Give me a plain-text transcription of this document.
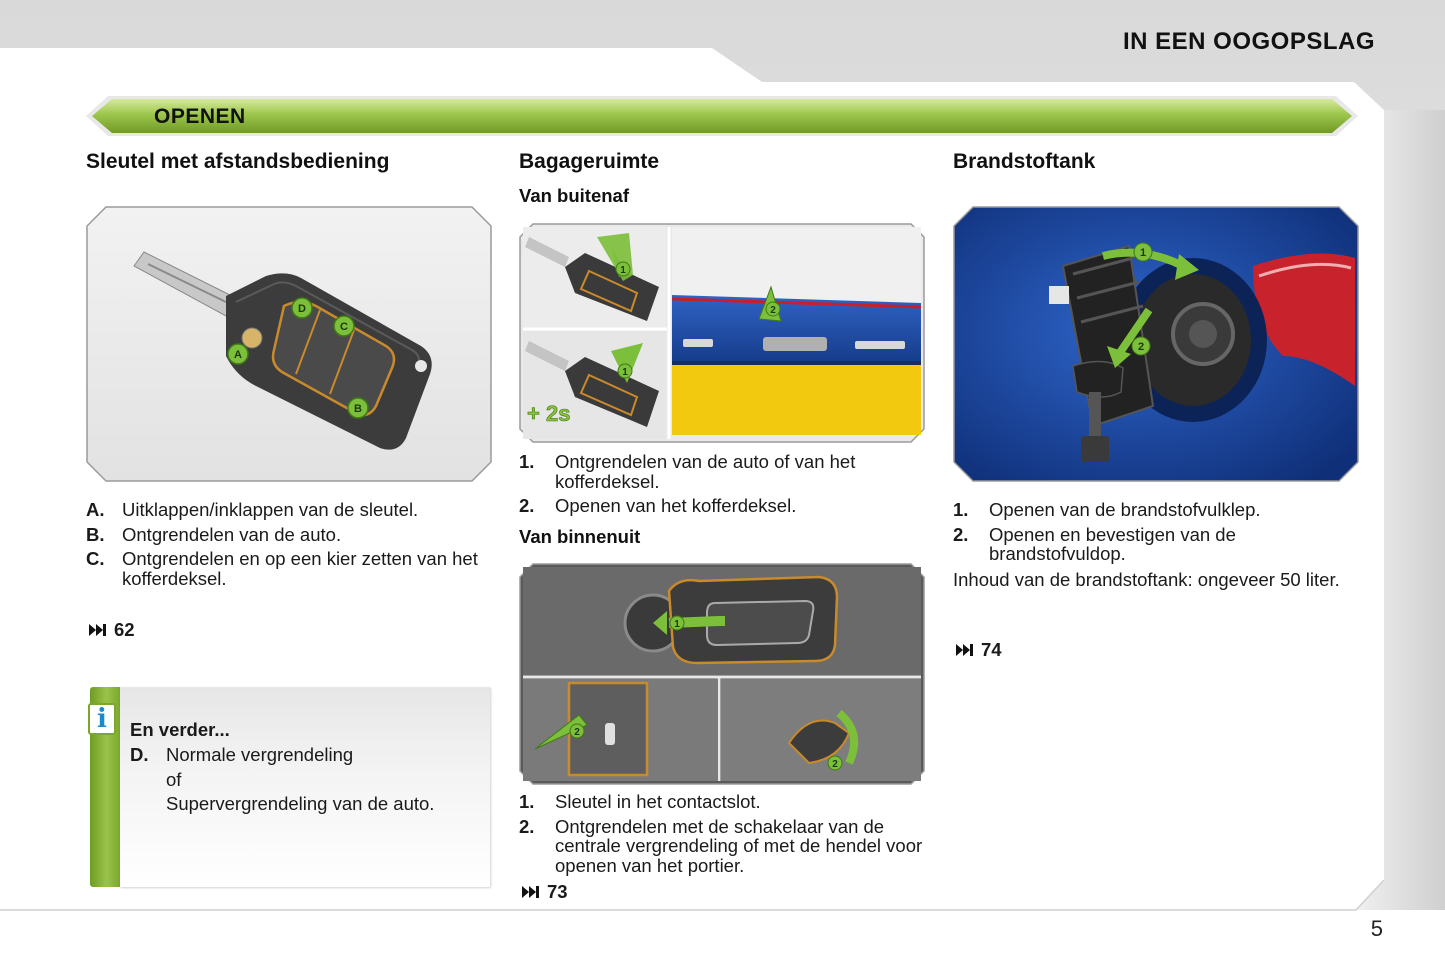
IN EEN OOGOPSLAG
OPENEN
Sleutel met afstandsbediening
A
B
C
D
A. Uitklappen/inklappen van de sleutel.
B. Ontgrendelen van de auto.
C. Ontgrendelen en op een kier zetten van het kofferdeksel.
62
i	En verder...
D. Normale vergrendeling
of
Supervergrendeling van de auto.
Bagageruimte
Van buitenaf
1
1
+ 2s
2
1.	Ontgrendelen van de auto of van het kofferdeksel.
2.	Openen van het kofferdeksel.
Van binnenuit
1
2
2
1.	Sleutel in het contactslot.
2.	Ontgrendelen met de schakelaar van de centrale vergrendeling of met de hendel voor openen van het portier.
73
Brandstoftank
1
2
1.	Openen van de brandstofvulklep.
2.	Openen en bevestigen van de brandstofvuldop.
Inhoud van de brandstoftank: ongeveer 50 liter.
74
5
